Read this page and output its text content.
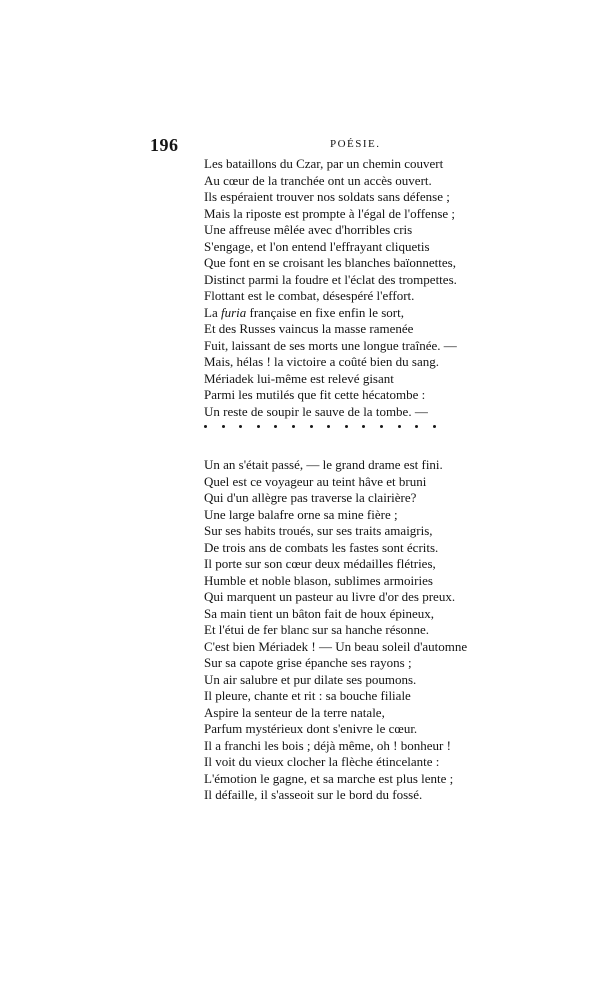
196	POÉSIE.
Les bataillons du Czar, par un chemin couvert
Au cœur de la tranchée ont un accès ouvert.
Ils espéraient trouver nos soldats sans défense ;
Mais la riposte est prompte à l'égal de l'offense ;
Une affreuse mêlée avec d'horribles cris
S'engage, et l'on entend l'effrayant cliquetis
Que font en se croisant les blanches baïonnettes,
Distinct parmi la foudre et l'éclat des trompettes.
Flottant est le combat, désespéré l'effort.
La furia française en fixe enfin le sort,
Et des Russes vaincus la masse ramenée
Fuit, laissant de ses morts une longue traînée. —
Mais, hélas ! la victoire a coûté bien du sang.
Mériadek lui-même est relevé gisant
Parmi les mutilés que fit cette hécatombe :
Un reste de soupir le sauve de la tombe. —
Un an s'était passé, — le grand drame est fini.
Quel est ce voyageur au teint hâve et bruni
Qui d'un allègre pas traverse la clairière?
Une large balafre orne sa mine fière ;
Sur ses habits troués, sur ses traits amaigris,
De trois ans de combats les fastes sont écrits.
Il porte sur son cœur deux médailles flétries,
Humble et noble blason, sublimes armoiries
Qui marquent un pasteur au livre d'or des preux.
Sa main tient un bâton fait de houx épineux,
Et l'étui de fer blanc sur sa hanche résonne.
C'est bien Mériadek ! — Un beau soleil d'automne
Sur sa capote grise épanche ses rayons ;
Un air salubre et pur dilate ses poumons.
Il pleure, chante et rit : sa bouche filiale
Aspire la senteur de la terre natale,
Parfum mystérieux dont s'enivre le cœur.
Il a franchi les bois ; déjà même, oh ! bonheur !
Il voit du vieux clocher la flèche étincelante :
L'émotion le gagne, et sa marche est plus lente ;
Il défaille, il s'asseoit sur le bord du fossé.
